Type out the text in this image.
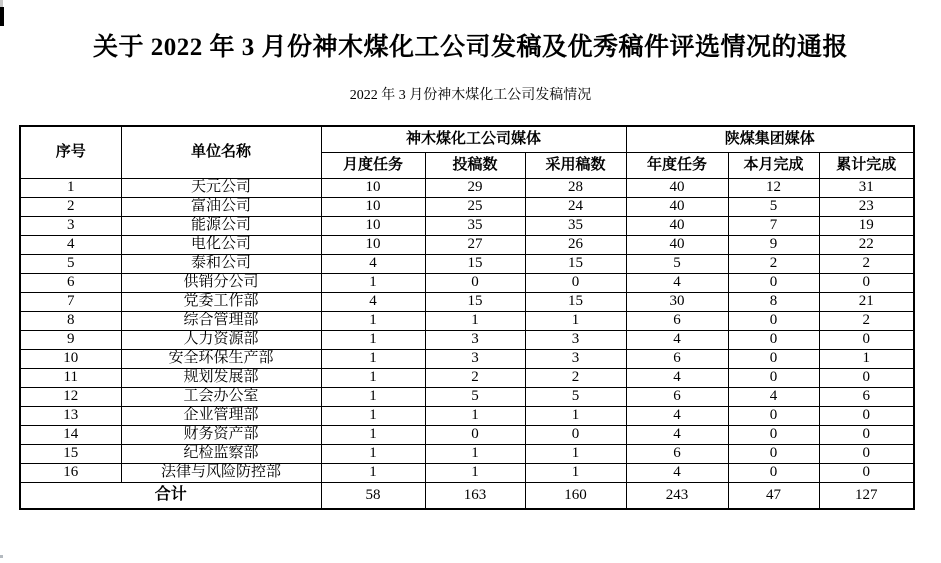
关于 2022 年 3 月份神木煤化工公司发稿及优秀稿件评选情况的通报
2022 年 3 月份神木煤化工公司发稿情况
序号	单位名称	神木煤化工公司媒体			陕煤集团媒体		
		月度任务	投稿数	采用稿数	年度任务	本月完成	累计完成
1	天元公司	10	29	28	40	12	31
2	富油公司	10	25	24	40	5	23
3	能源公司	10	35	35	40	7	19
4	电化公司	10	27	26	40	9	22
5	泰和公司	4	15	15	5	2	2
6	供销分公司	1	0	0	4	0	0
7	党委工作部	4	15	15	30	8	21
8	综合管理部	1	1	1	6	0	2
9	人力资源部	1	3	3	4	0	0
10	安全环保生产部	1	3	3	6	0	1
11	规划发展部	1	2	2	4	0	0
12	工会办公室	1	5	5	6	4	6
13	企业管理部	1	1	1	4	0	0
14	财务资产部	1	0	0	4	0	0
15	纪检监察部	1	1	1	6	0	0
16	法律与风险防控部	1	1	1	4	0	0
合计		58	163	160	243	47	127
